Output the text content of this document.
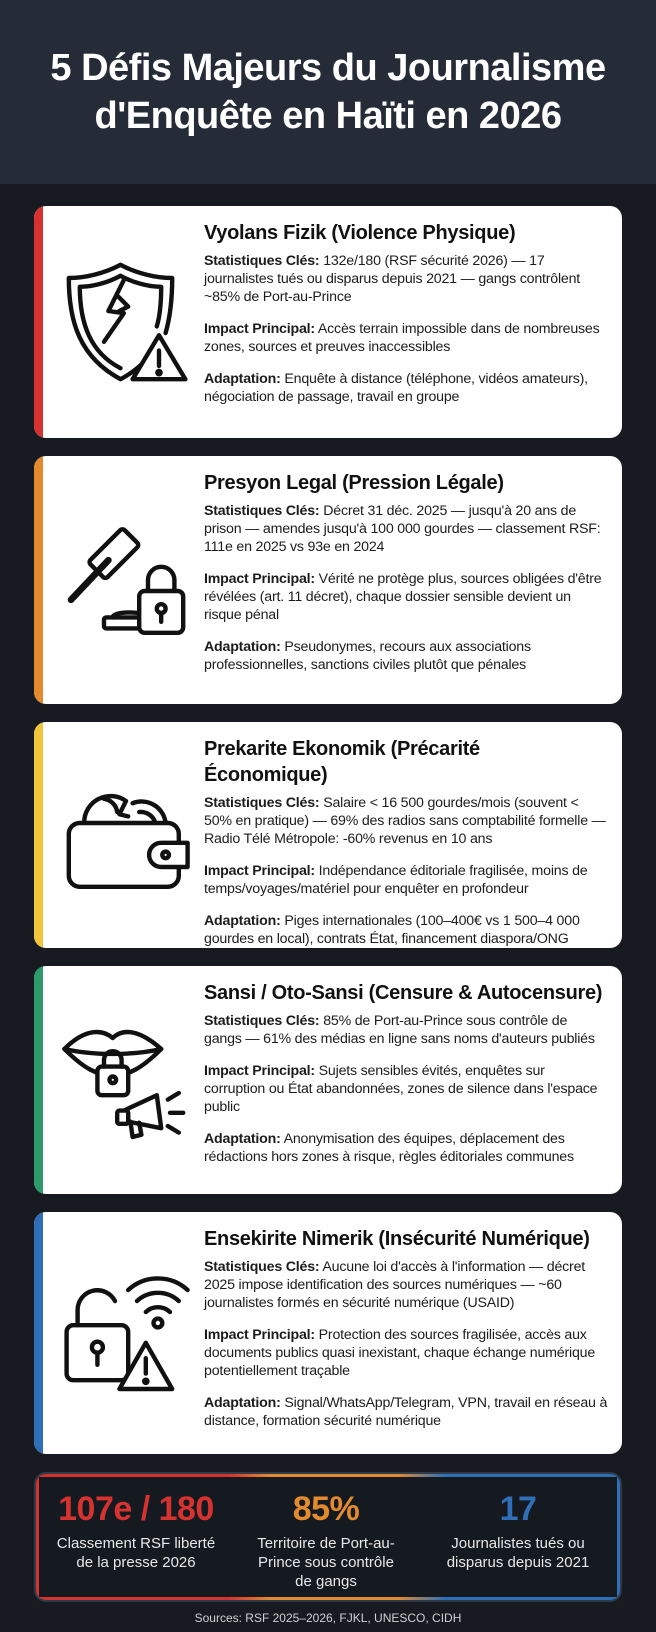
5 Défis Majeurs du Journalisme d'Enquête en Haïti en 2026
Vyolans Fizik (Violence Physique)

Statistiques Clés: 132e/180 (RSF sécurité 2026) — 17 journalistes tués ou disparus depuis 2021 — gangs contrôlent ~85% de Port-au-Prince

Impact Principal: Accès terrain impossible dans de nombreuses zones, sources et preuves inaccessibles

Adaptation: Enquête à distance (téléphone, vidéos amateurs), négociation de passage, travail en groupe

Presyon Legal (Pression Légale)

Statistiques Clés: Décret 31 déc. 2025 — jusqu'à 20 ans de prison — amendes jusqu'à 100 000 gourdes — classement RSF: 111e en 2025 vs 93e en 2024

Impact Principal: Vérité ne protège plus, sources obligées d'être révélées (art. 11 décret), chaque dossier sensible devient un risque pénal

Adaptation: Pseudonymes, recours aux associations professionnelles, sanctions civiles plutôt que pénales

Prekarite Ekonomik (Précarité Économique)

Statistiques Clés: Salaire < 16 500 gourdes/mois (souvent < 50% en pratique) — 69% des radios sans comptabilité formelle — Radio Télé Métropole: -60% revenus en 10 ans

Impact Principal: Indépendance éditoriale fragilisée, moins de temps/voyages/matériel pour enquêter en profondeur

Adaptation: Piges internationales (100–400€ vs 1 500–4 000 gourdes en local), contrats État, financement diaspora/ONG

Sansi / Oto-Sansi (Censure & Autocensure)

Statistiques Clés: 85% de Port-au-Prince sous contrôle de gangs — 61% des médias en ligne sans noms d'auteurs publiés

Impact Principal: Sujets sensibles évités, enquêtes sur corruption ou État abandonnées, zones de silence dans l'espace public

Adaptation: Anonymisation des équipes, déplacement des rédactions hors zones à risque, règles éditoriales communes

Ensekirite Nimerik (Insécurité Numérique)

Statistiques Clés: Aucune loi d'accès à l'information — décret 2025 impose identification des sources numériques — ~60 journalistes formés en sécurité numérique (USAID)

Impact Principal: Protection des sources fragilisée, accès aux documents publics quasi inexistant, chaque échange numérique potentiellement traçable

Adaptation: Signal/WhatsApp/Telegram, VPN, travail en réseau à distance, formation sécurité numérique

107e / 180
Classement RSF liberté de la presse 2026
85%
Territoire de Port-au-Prince sous contrôle de gangs
17
Journalistes tués ou disparus depuis 2021
Sources: RSF 2025–2026, FJKL, UNESCO, CIDH
